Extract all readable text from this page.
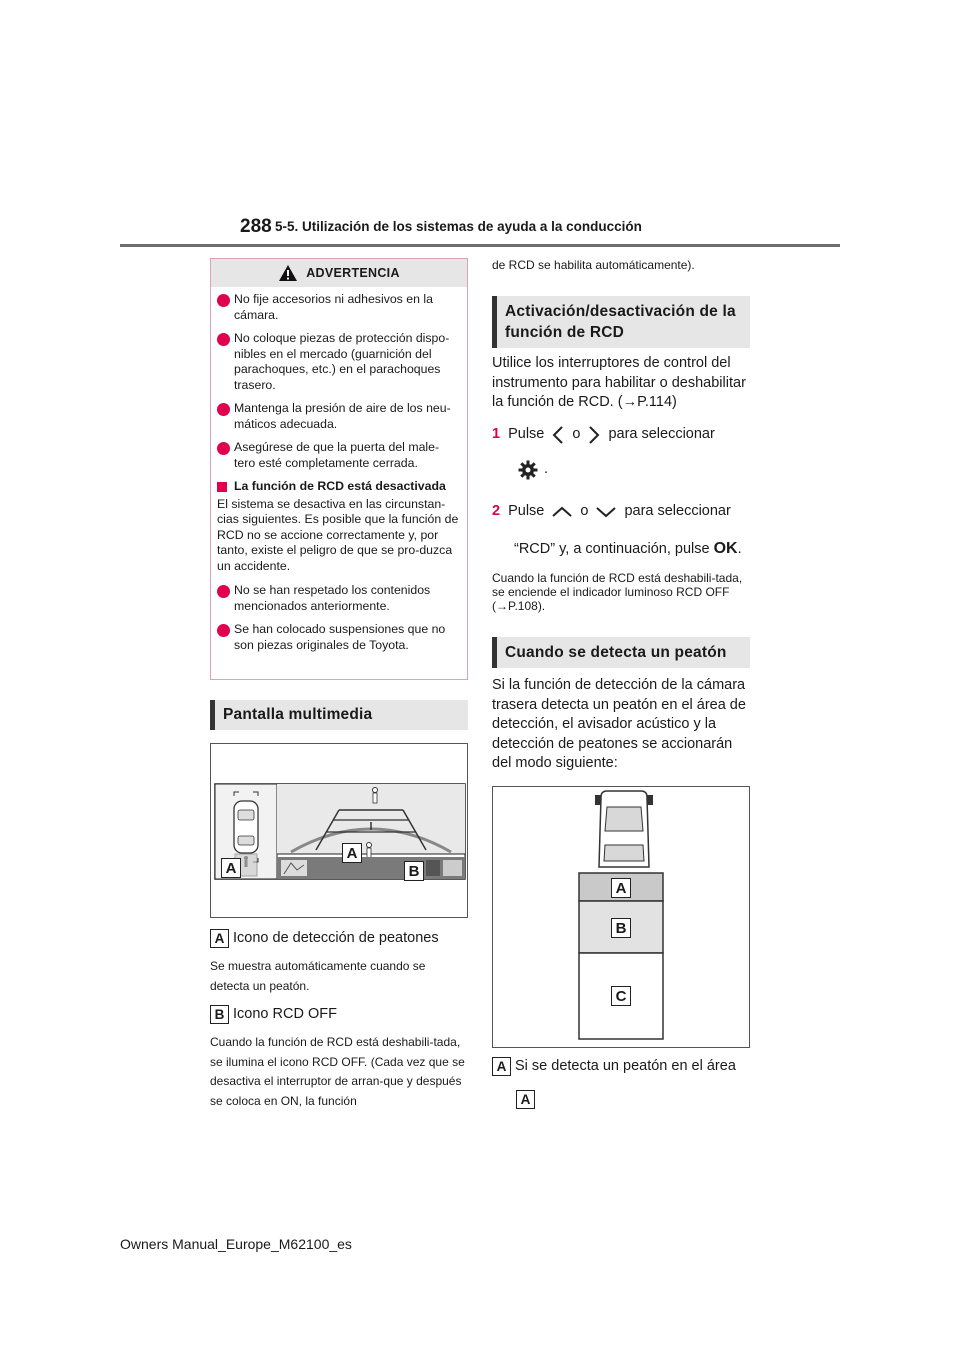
288 5-5. Utilización de los sistemas de ayuda a la conducción
ADVERTENCIA
No fije accesorios ni adhesivos en la cámara.
No coloque piezas de protección dispo-nibles en el mercado (guarnición del parachoques, etc.) en el parachoques trasero.
Mantenga la presión de aire de los neu-máticos adecuada.
Asegúrese de que la puerta del male-tero esté completamente cerrada.
La función de RCD está desactivada
El sistema se desactiva en las circunstan-cias siguientes. Es posible que la función de RCD no se accione correctamente y, por tanto, existe el peligro de que se pro-duzca un accidente.
No se han respetado los contenidos mencionados anteriormente.
Se han colocado suspensiones que no son piezas originales de Toyota.
Pantalla multimedia
A
A
B
A Icono de detección de peatones
Se muestra automáticamente cuando se detecta un peatón.
B Icono RCD OFF
Cuando la función de RCD está deshabili-tada, se ilumina el icono RCD OFF. (Cada vez que se desactiva el interruptor de arran-que y después se coloca en ON, la función
de RCD se habilita automáticamente).
Activación/desactivación de la función de RCD
Utilice los interruptores de control del instrumento para habilitar o deshabilitar la función de RCD. (→P.114)
1 Pulse o para seleccionar
.
2 Pulse o para seleccionar
“RCD” y, a continuación, pulse OK.
Cuando la función de RCD está deshabili-tada, se enciende el indicador luminoso RCD OFF (→P.108).
Cuando se detecta un peatón
Si la función de detección de la cámara trasera detecta un peatón en el área de detección, el avisador acústico y la detección de peatones se accionarán del modo siguiente:
A
B
C
A Si se detecta un peatón en el área
A
Owners Manual_Europe_M62100_es
